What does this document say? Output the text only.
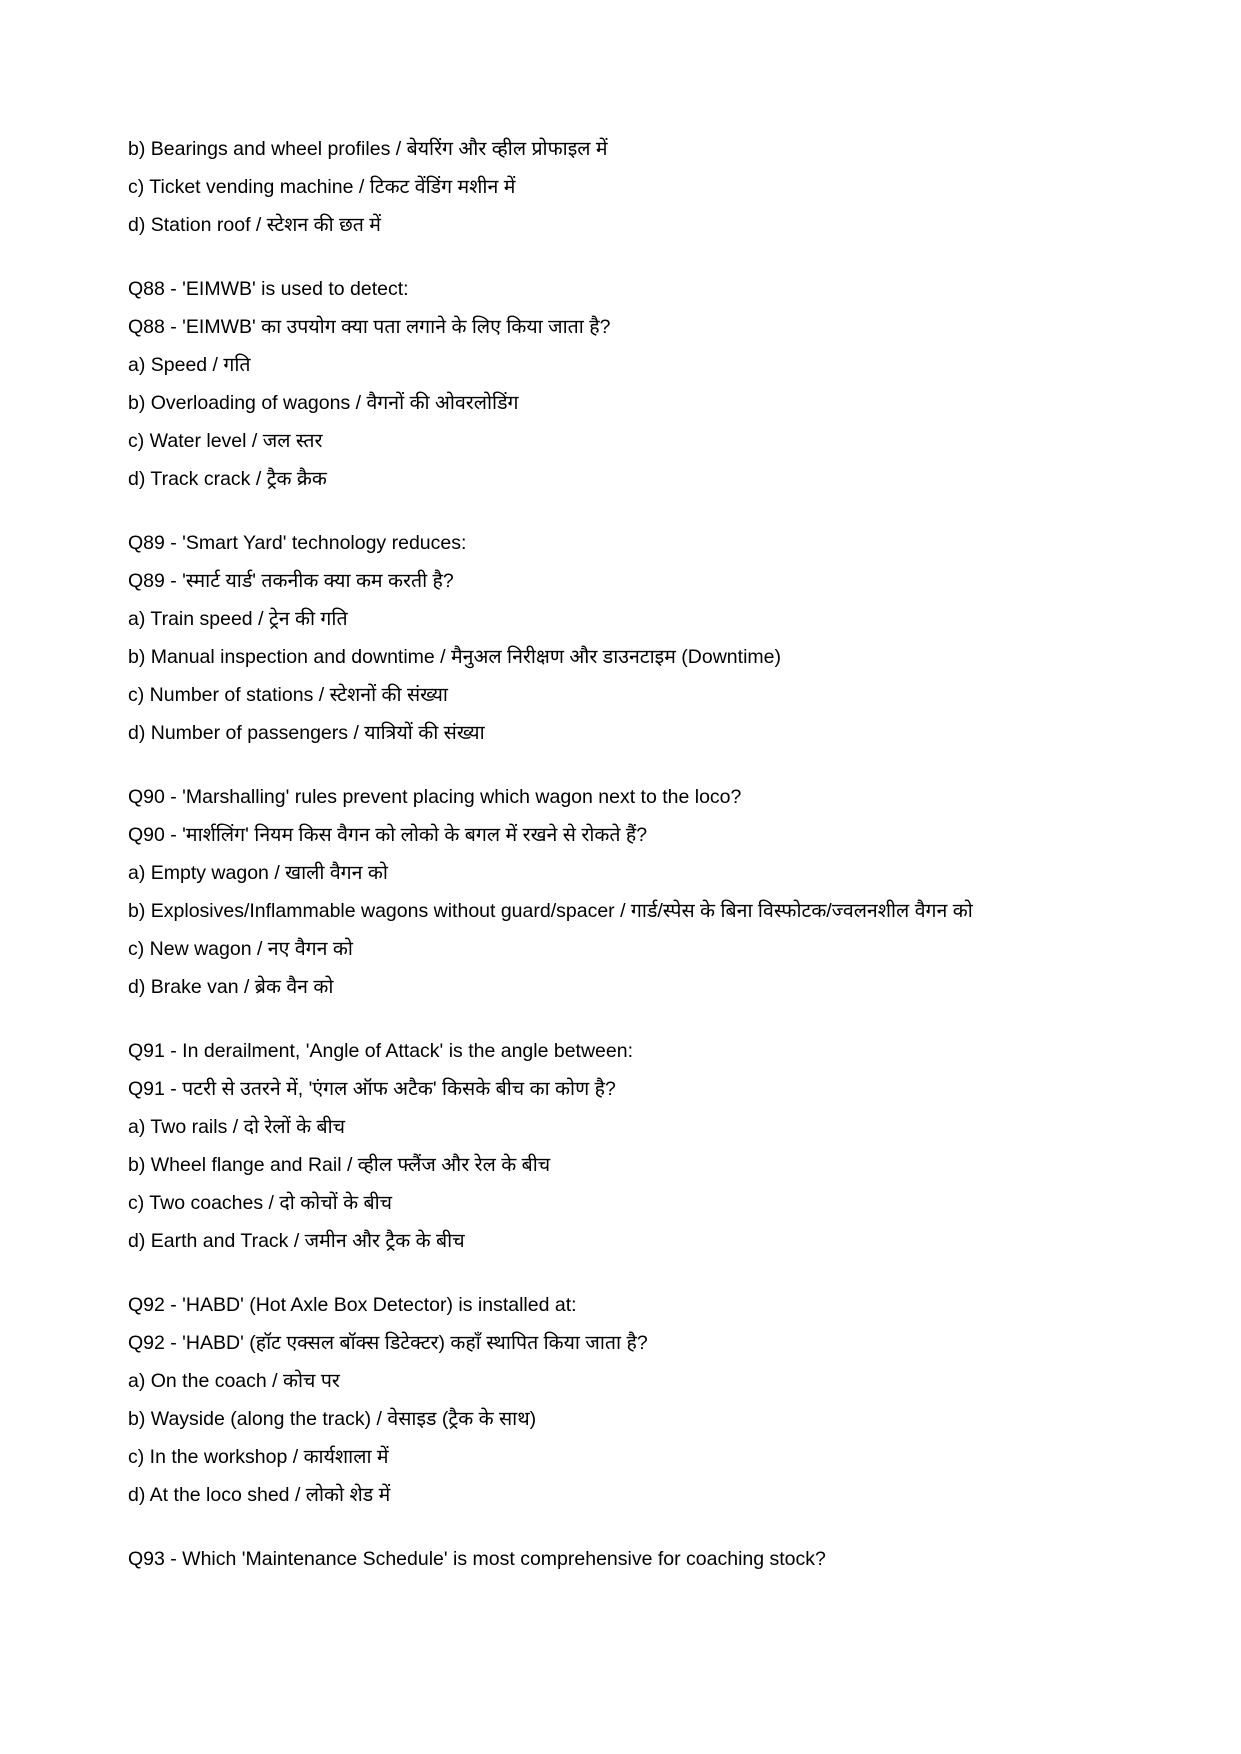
b) Bearings and wheel profiles / बेयरिंग और व्हील प्रोफाइल में
c) Ticket vending machine / टिकट वेंडिंग मशीन में
d) Station roof / स्टेशन की छत में
Q88 - 'EIMWB' is used to detect:
Q88 - 'EIMWB' का उपयोग क्या पता लगाने के लिए किया जाता है?
a) Speed / गति
b) Overloading of wagons / वैगनों की ओवरलोडिंग
c) Water level / जल स्तर
d) Track crack / ट्रैक क्रैक
Q89 - 'Smart Yard' technology reduces:
Q89 - 'स्मार्ट यार्ड' तकनीक क्या कम करती है?
a) Train speed / ट्रेन की गति
b) Manual inspection and downtime / मैनुअल निरीक्षण और डाउनटाइम (Downtime)
c) Number of stations / स्टेशनों की संख्या
d) Number of passengers / यात्रियों की संख्या
Q90 - 'Marshalling' rules prevent placing which wagon next to the loco?
Q90 - 'मार्शलिंग' नियम किस वैगन को लोको के बगल में रखने से रोकते हैं?
a) Empty wagon / खाली वैगन को
b) Explosives/Inflammable wagons without guard/spacer / गार्ड/स्पेस के बिना विस्फोटक/ज्वलनशील वैगन को
c) New wagon / नए वैगन को
d) Brake van / ब्रेक वैन को
Q91 - In derailment, 'Angle of Attack' is the angle between:
Q91 - पटरी से उतरने में, 'एंगल ऑफ अटैक' किसके बीच का कोण है?
a) Two rails / दो रेलों के बीच
b) Wheel flange and Rail / व्हील फ्लैंज और रेल के बीच
c) Two coaches / दो कोचों के बीच
d) Earth and Track / जमीन और ट्रैक के बीच
Q92 - 'HABD' (Hot Axle Box Detector) is installed at:
Q92 - 'HABD' (हॉट एक्सल बॉक्स डिटेक्टर) कहाँ स्थापित किया जाता है?
a) On the coach / कोच पर
b) Wayside (along the track) / वेसाइड (ट्रैक के साथ)
c) In the workshop / कार्यशाला में
d) At the loco shed / लोको शेड में
Q93 - Which 'Maintenance Schedule' is most comprehensive for coaching stock?
